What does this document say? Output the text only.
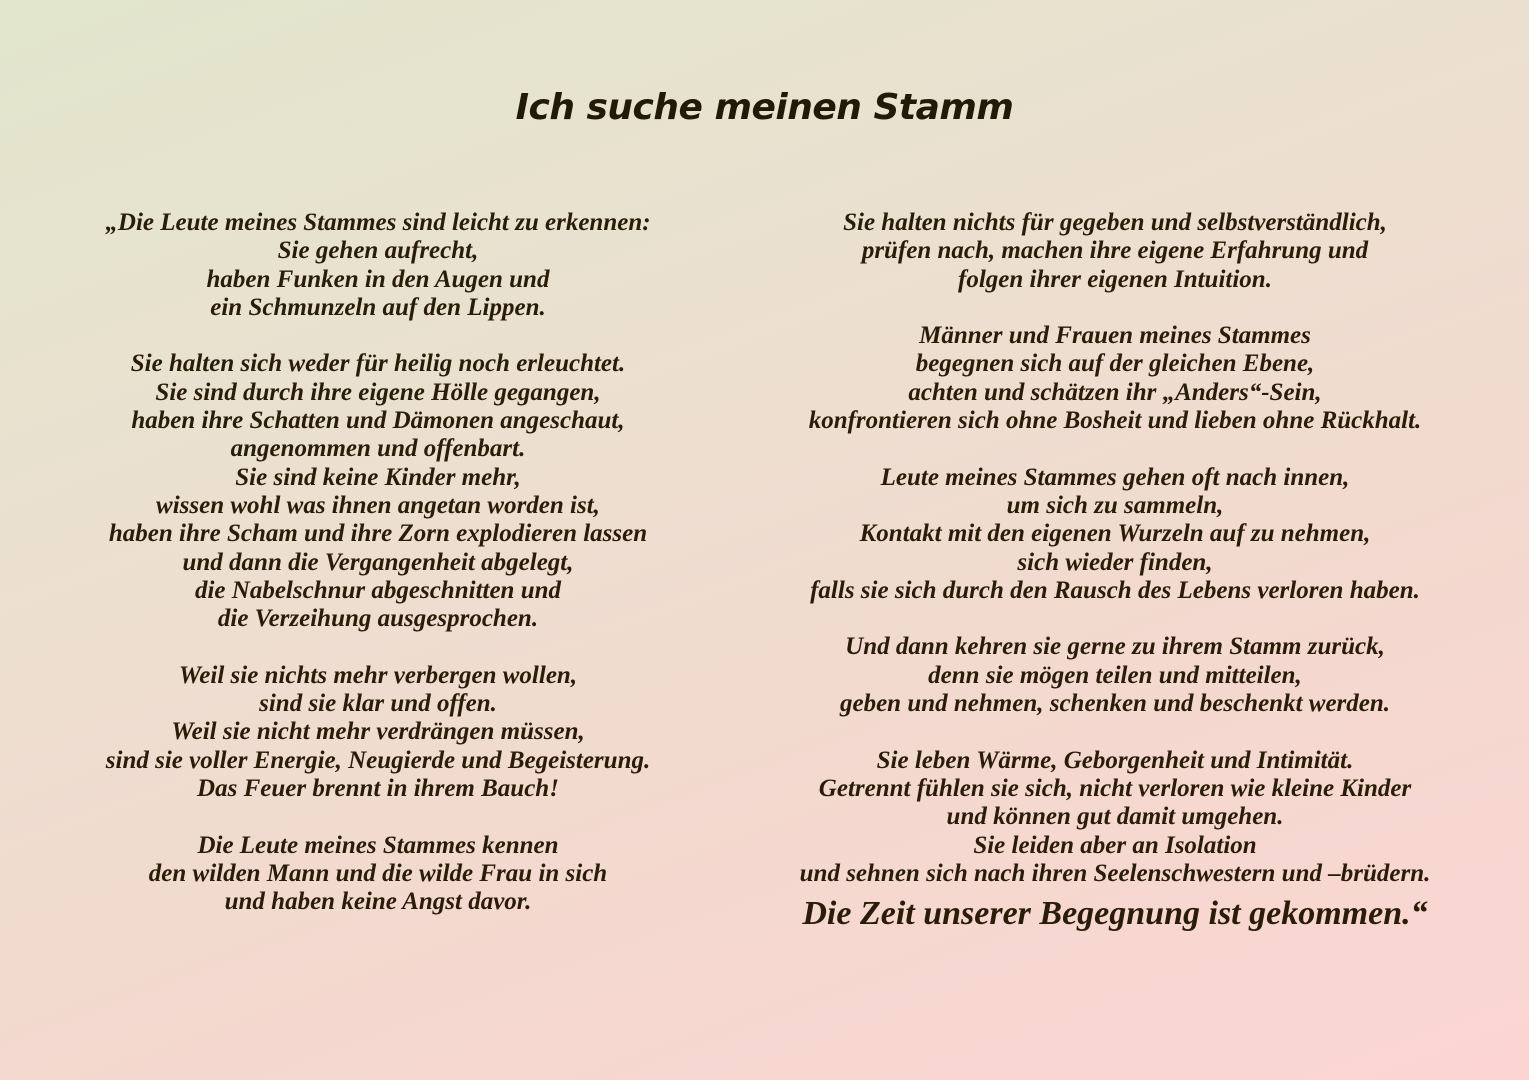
Ich suche meinen Stamm
„Die Leute meines Stammes sind leicht zu erkennen:
Sie gehen aufrecht,
haben Funken in den Augen und
ein Schmunzeln auf den Lippen.
Sie halten sich weder für heilig noch erleuchtet.
Sie sind durch ihre eigene Hölle gegangen,
haben ihre Schatten und Dämonen angeschaut,
angenommen und offenbart.
Sie sind keine Kinder mehr,
wissen wohl was ihnen angetan worden ist,
haben ihre Scham und ihre Zorn explodieren lassen
und dann die Vergangenheit abgelegt,
die Nabelschnur abgeschnitten und
die Verzeihung ausgesprochen.
Weil sie nichts mehr verbergen wollen,
sind sie klar und offen.
Weil sie nicht mehr verdrängen müssen,
sind sie voller Energie, Neugierde und Begeisterung.
Das Feuer brennt in ihrem Bauch!
Die Leute meines Stammes kennen
den wilden Mann und die wilde Frau in sich
und haben keine Angst davor.
Sie halten nichts für gegeben und selbstverständlich,
prüfen nach, machen ihre eigene Erfahrung und
folgen ihrer eigenen Intuition.
Männer und Frauen meines Stammes
begegnen sich auf der gleichen Ebene,
achten und schätzen ihr „Anders“-Sein,
konfrontieren sich ohne Bosheit und lieben ohne Rückhalt.
Leute meines Stammes gehen oft nach innen,
um sich zu sammeln,
Kontakt mit den eigenen Wurzeln auf zu nehmen,
sich wieder finden,
falls sie sich durch den Rausch des Lebens verloren haben.
Und dann kehren sie gerne zu ihrem Stamm zurück,
denn sie mögen teilen und mitteilen,
geben und nehmen, schenken und beschenkt werden.
Sie leben Wärme, Geborgenheit und Intimität.
Getrennt fühlen sie sich, nicht verloren wie kleine Kinder
und können gut damit umgehen.
Sie leiden aber an Isolation
und sehnen sich nach ihren Seelenschwestern und –brüdern.

Die Zeit unserer Begegnung ist gekommen.“
